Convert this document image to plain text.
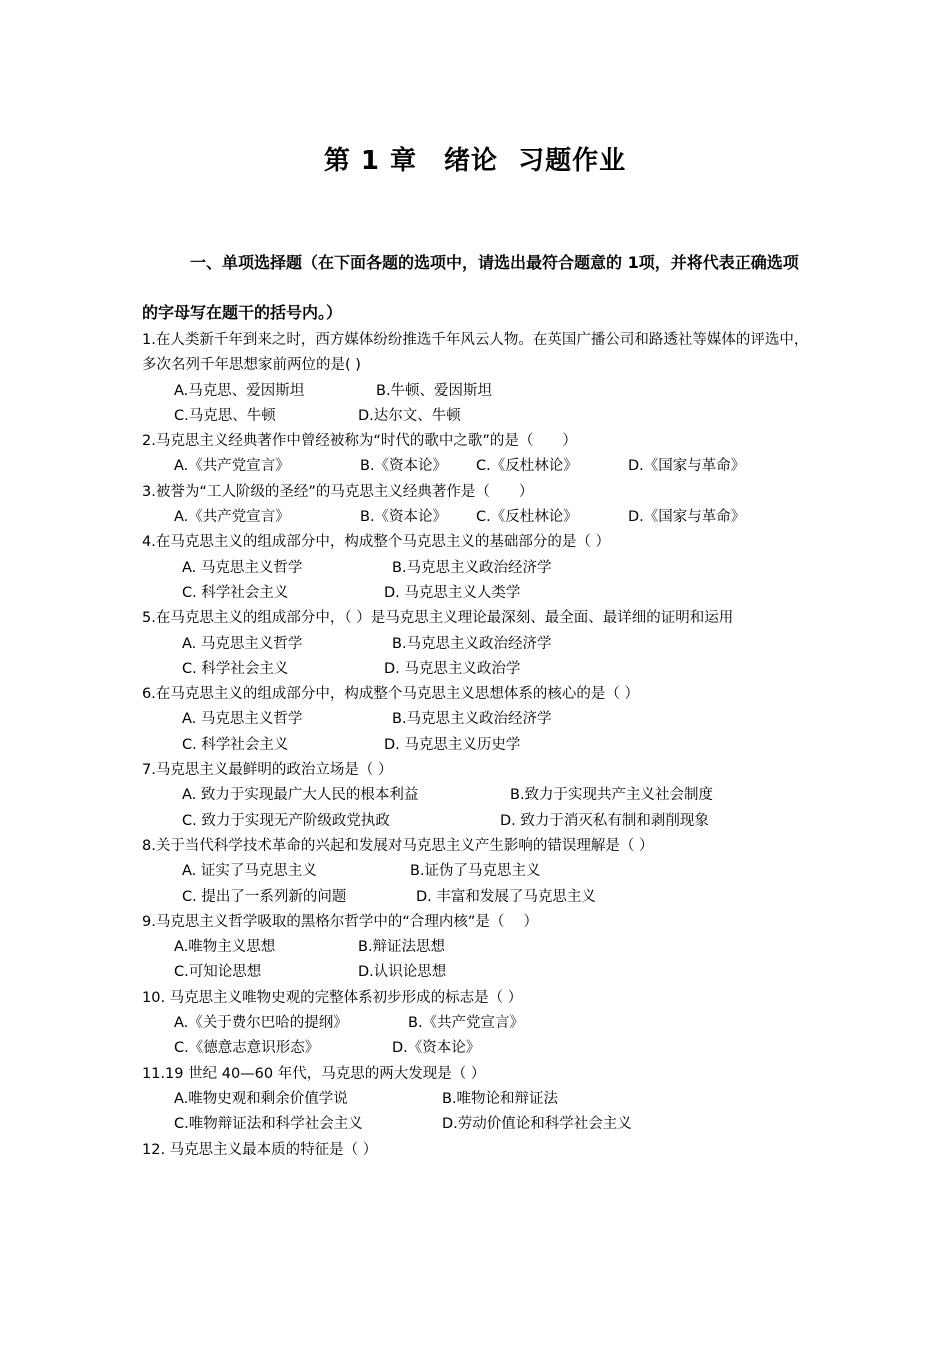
第 1 章　绪论  习题作业
一、单项选择题（在下面各题的选项中，请选出最符合题意的 1项，并将代表正确选项的字母写在题干的括号内。）
1.在人类新千年到来之时，西方媒体纷纷推选千年风云人物。在英国广播公司和路透社等媒体的评选中，多次名列千年思想家前两位的是( )
A.马克思、爱因斯坦	B.牛顿、爱因斯坦
C.马克思、牛顿	D.达尔文、牛顿
2.马克思主义经典著作中曾经被称为“时代的歌中之歌”的是（　　）
A.《共产党宣言》	B.《资本论》	C.《反杜林论》	D.《国家与革命》
3.被誉为“工人阶级的圣经”的马克思主义经典著作是（　　）
A.《共产党宣言》	B.《资本论》	C.《反杜林论》	D.《国家与革命》
4.在马克思主义的组成部分中，构成整个马克思主义的基础部分的是（ ）
A. 马克思主义哲学	B.马克思主义政治经济学
C. 科学社会主义	D. 马克思主义人类学
5.在马克思主义的组成部分中，（ ）是马克思主义理论最深刻、最全面、最详细的证明和运用
A. 马克思主义哲学	B.马克思主义政治经济学
C. 科学社会主义	D. 马克思主义政治学
6.在马克思主义的组成部分中，构成整个马克思主义思想体系的核心的是（ ）
A. 马克思主义哲学	B.马克思主义政治经济学
C. 科学社会主义	D. 马克思主义历史学
7.马克思主义最鲜明的政治立场是（ ）
A. 致力于实现最广大人民的根本利益	B.致力于实现共产主义社会制度
C. 致力于实现无产阶级政党执政	D. 致力于消灭私有制和剥削现象
8.关于当代科学技术革命的兴起和发展对马克思主义产生影响的错误理解是（ ）
A. 证实了马克思主义	B.证伪了马克思主义
C. 提出了一系列新的问题	D. 丰富和发展了马克思主义
9.马克思主义哲学吸取的黑格尔哲学中的“合理内核”是（　 ）
A.唯物主义思想	B.辩证法思想
C.可知论思想	D.认识论思想
10. 马克思主义唯物史观的完整体系初步形成的标志是（ ）
A.《关于费尔巴哈的提纲》	B.《共产党宣言》
C.《德意志意识形态》	D.《资本论》
11.19 世纪 40—60 年代，马克思的两大发现是（ ）
A.唯物史观和剩余价值学说	B.唯物论和辩证法
C.唯物辩证法和科学社会主义	D.劳动价值论和科学社会主义
12. 马克思主义最本质的特征是（ ）
